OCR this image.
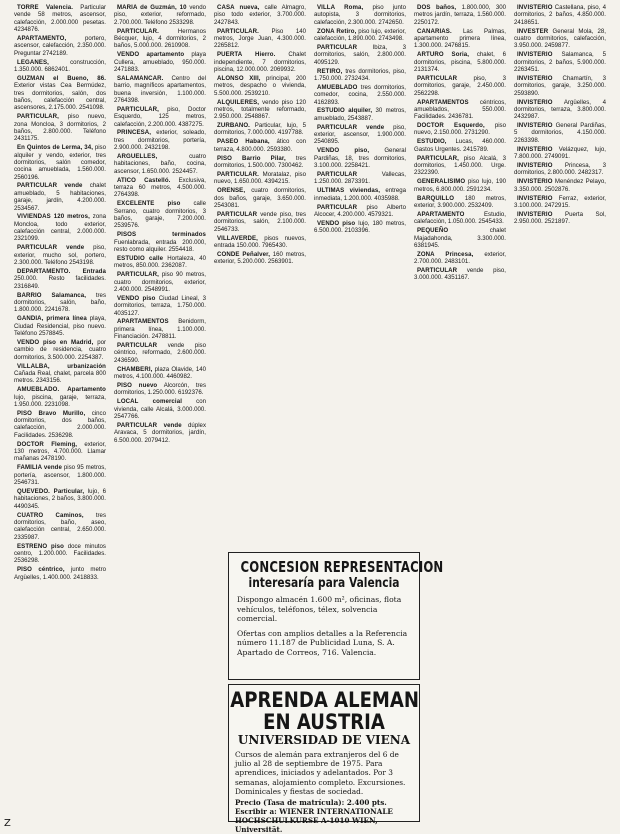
TORRE Valencia. Particular vende 58 metros, ascensor, calefacción, 2.000.000 pesetas. 4234876.

APARTAMENTO,	portero, ascensor, calefacción, 2.350.000. Preguntar 2742189.

LEGANES,	construcción, 1.350.000. 6862401.

GUZMAN el Bueno, 86. Exterior vistas Cea Bermúdez, tres dormitorios, salón, dos baños, calefacción central, ascensores, 2.175.000. 2541098.

PARTICULAR, piso nuevo, zona Moncloa, 3 dormitorios, 2 baños, 2.800.000. Teléfono 2431175.

En Quintos de Lerma, 34, piso alquiler y vendo, exterior, tres dormitorios, salón comedor, cocina amueblada, 1.560.000. 2560196.

PARTICULAR vende chalet amueblado, 5 habitaciones, garaje, jardín, 4.200.000. 2534567.

VIVIENDAS 120 metros, zona Moncloa, todo exterior, calefacción central, 2.000.000. 2321099.

PARTICULAR vende piso, exterior, mucho sol, portero, 2.300.000. Teléfono 2543198.

DEPARTAMENTO. Entrada 250.000. Resto facilidades. 2316849.

BARRIO Salamanca, tres dormitorios, salón, baño, 1.800.000. 2241678.

GANDIA, primera línea playa, Ciudad Residencial, piso nuevo. Teléfono 2578845.

VENDO piso en Madrid, por cambio de residencia, cuatro dormitorios, 3.500.000. 2254387.

VILLALBA, urbanización Cañada Real, chalet, parcela 800 metros. 2343156.

AMUEBLADO. Apartamento lujo, piscina, garaje, terraza, 1.950.000. 2231098.

PISO Bravo Murillo, cinco dormitorios, dos baños, calefacción, 2.000.000. Facilidades. 2536298.

DOCTOR Fleming, exterior, 130 metros, 4.700.000. Llamar mañanas 2478190.

FAMILIA vende piso 95 metros, portería, ascensor, 1.800.000. 2546731.

QUEVEDO. Particular, lujo, 6 habitaciones, 2 baños, 3.800.000. 4490345.

CUATRO Caminos, tres dormitorios, baño, aseo, calefacción central, 2.650.000. 2335987.

ESTRENO piso doce minutos centro, 1.200.000. Facilidades. 2536298.

PISO céntrico, junto metro Argüelles, 1.400.000. 2418833.

MARIA de Guzmán, 10 vendo piso, exterior, reformado, 2.700.000. Teléfono 2533298.

PARTICULAR.	Hermanos Bécquer, lujo, 4 dormitorios, 2 baños, 5.000.000. 2610908.

VENDO apartamento playa Cullera, amueblado, 950.000. 2471883.

SALAMANCAR. Centro del barrio, magníficos apartamentos, buena inversión, 1.100.000. 2764398.

PARTICULAR, piso, Doctor Esquerdo, 125 metros, calefacción, 2.200.000. 4387275.

PRINCESA, exterior, soleado, tres dormitorios, portería, 2.900.000. 2432198.

ARGUELLES,	cuatro habitaciones, baño, cocina, ascensor, 1.650.000. 2524457.

ATICO Castelló. Exclusiva, terraza 60 metros, 4.500.000. 2764398.

EXCELENTE piso calle Serrano, cuatro dormitorios, 3 baños, garaje, 7.200.000. 2539576.

PISOS terminados Fuenlabrada, entrada 200.000, resto como alquiler. 2554418.

ESTUDIO calle Hortaleza, 40 metros, 850.000. 2362087.

PARTICULAR, piso 90 metros, cuatro dormitorios, exterior, 2.400.000. 2548991.

VENDO piso Ciudad Lineal, 3 dormitorios, terraza, 1.750.000. 4035127.

APARTAMENTOS Benidorm, primera línea, 1.100.000. Financiación. 2478811.

PARTICULAR vende piso céntrico, reformado, 2.600.000. 2436590.

CHAMBERI, plaza Olavide, 140 metros, 4.100.000. 4460982.

PISO nuevo Alcorcón, tres dormitorios, 1.250.000. 6192376.

LOCAL comercial con vivienda, calle Alcalá, 3.000.000. 2547766.

PARTICULAR vende dúplex Aravaca, 5 dormitorios, jardín, 6.500.000. 2079412.

CASA nueva, calle Almagro, piso todo exterior, 3.700.000. 2427843.

PARTICULAR. Piso 140 metros, Jorge Juan, 4.300.000. 2265812.

PUERTA Hierro. Chalet independiente, 7 dormitorios, piscina, 12.000.000. 2069932.

ALONSO XIII, principal, 200 metros, despacho o vivienda, 5.500.000. 2539210.

ALQUILERES, vendo piso 120 metros, totalmente reformado, 2.950.000. 2548867.

ZURBANO. Particular, lujo, 5 dormitorios, 7.000.000. 4197788.

PASEO Habana, ático con terraza, 4.800.000. 2593380.

PISO Barrio Pilar, tres dormitorios, 1.500.000. 7300462.

PARTICULAR. Moratalaz, piso nuevo, 1.650.000. 4394215.

ORENSE, cuatro dormitorios, dos baños, garaje, 3.650.000. 2543081.

PARTICULAR vende piso, tres dormitorios, salón, 2.100.000. 2546733.

VILLAVERDE, pisos nuevos, entrada 150.000. 7965430.

CONDE Peñalver, 160 metros, exterior, 5.200.000. 2563901.

VILLA Roma, piso junto autopista, 3 dormitorios, calefacción, 2.300.000. 2742650.

ZONA Retiro, piso lujo, exterior, calefacción, 1.890.000. 2743498.

PARTICULAR	Ibiza, 3 dormitorios, salón, 2.800.000. 4095129.

RETIRO, tres dormitorios, piso, 1.750.000. 2732434.

AMUEBLADO tres dormitorios, comedor, cocina, 2.550.000. 4162893.

ESTUDIO alquiler, 30 metros, amueblado, 2543887.

PARTICULAR vende piso, exterior, ascensor, 1.900.000. 2540895.

VENDO piso, General Pardiñas, 18, tres dormitorios, 3.100.000. 2258421.

PARTICULAR	Vallecas, 1.250.000. 2873391.

ULTIMAS viviendas, entrega inmediata, 1.200.000. 4035988.

PARTICULAR piso Alberto Alcocer, 4.200.000. 4579321.

VENDO piso lujo, 180 metros, 6.500.000. 2103396.

DOS baños, 1.800.000, 300 metros jardín, terraza, 1.560.000. 2250172.

CANARIAS. Las Palmas, apartamento primera línea, 1.300.000. 2476815.

ARTURO Soria, chalet, 6 dormitorios, piscina, 5.800.000. 2131374.

PARTICULAR	piso, 3 dormitorios, garaje, 2.450.000. 2562298.

APARTAMENTOS céntricos, amueblados, 550.000. Facilidades. 2436781.

DOCTOR Esquerdo, piso nuevo, 2.150.000. 2731290.

ESTUDIO, Lucas, 460.000. Gastos Urgentes. 2415789.

PARTICULAR, piso Alcalá, 3 dormitorios, 1.450.000. Urge. 2322390.

GENERALISIMO piso lujo, 190 metros, 6.800.000. 2591234.

BARQUILLO 180 metros, exterior, 3.900.000. 2532409.

APARTAMENTO	Estudio, calefacción, 1.050.000. 2545433.

PEQUEÑO	chalet Majadahonda, 3.300.000. 6381945.

ZONA Princesa, exterior, 2.700.000. 2483101.

PARTICULAR vende piso, 3.000.000. 4351167.

INVISTERIO Castellana, piso, 4 dormitorios, 2 baños, 4.850.000. 2418651.

INVESTER General Mola, 28, cuatro dormitorios, calefacción, 3.950.000. 2459877.

INVISTERIO Salamanca, 5 dormitorios, 2 baños, 5.900.000. 2263451.

INVISTERIO Chamartín, 3 dormitorios, garaje, 3.250.000. 2593890.

INVISTERIO Argüelles, 4 dormitorios, terraza, 3.800.000. 2432987.

INVISTERIO General Pardiñas, 5 dormitorios, 4.150.000. 2263398.

INVISTERIO Velázquez, lujo, 7.800.000. 2749091.

INVISTERIO Princesa, 3 dormitorios, 2.800.000. 2482317.

INVISTERIO Menéndez Pelayo, 3.350.000. 2502876.

INVISTERIO Ferraz, exterior, 3.100.000. 2472915.

INVISTERIO Puerta Sol, 2.950.000. 2521897.

CONCESION REPRESENTACION
interesaría para Valencia
Dispongo almacén 1.600 m², oficinas, flota vehículos, teléfonos, télex, solvencia comercial.
Ofertas con amplios detalles a la Referencia número 11.187 de Publicidad Luna, S. A. Apartado de Correos, 716. Valencia.
APRENDA ALEMAN
EN AUSTRIA
UNIVERSIDAD DE VIENA
Cursos de alemán para extranjeros del 6 de julio al 28 de septiembre de 1975. Para aprendices, iniciados y adelantados. Por 3 semanas, alojamiento completo. Excursiones. Dominicales y fiestas de sociedad.
Precio (Tasa de matrícula): 2.400 pts. Escribir a: WIENER INTERNATIONALE HOCHSCHULKURSE A-1010 WIEN, Universität.
Z
